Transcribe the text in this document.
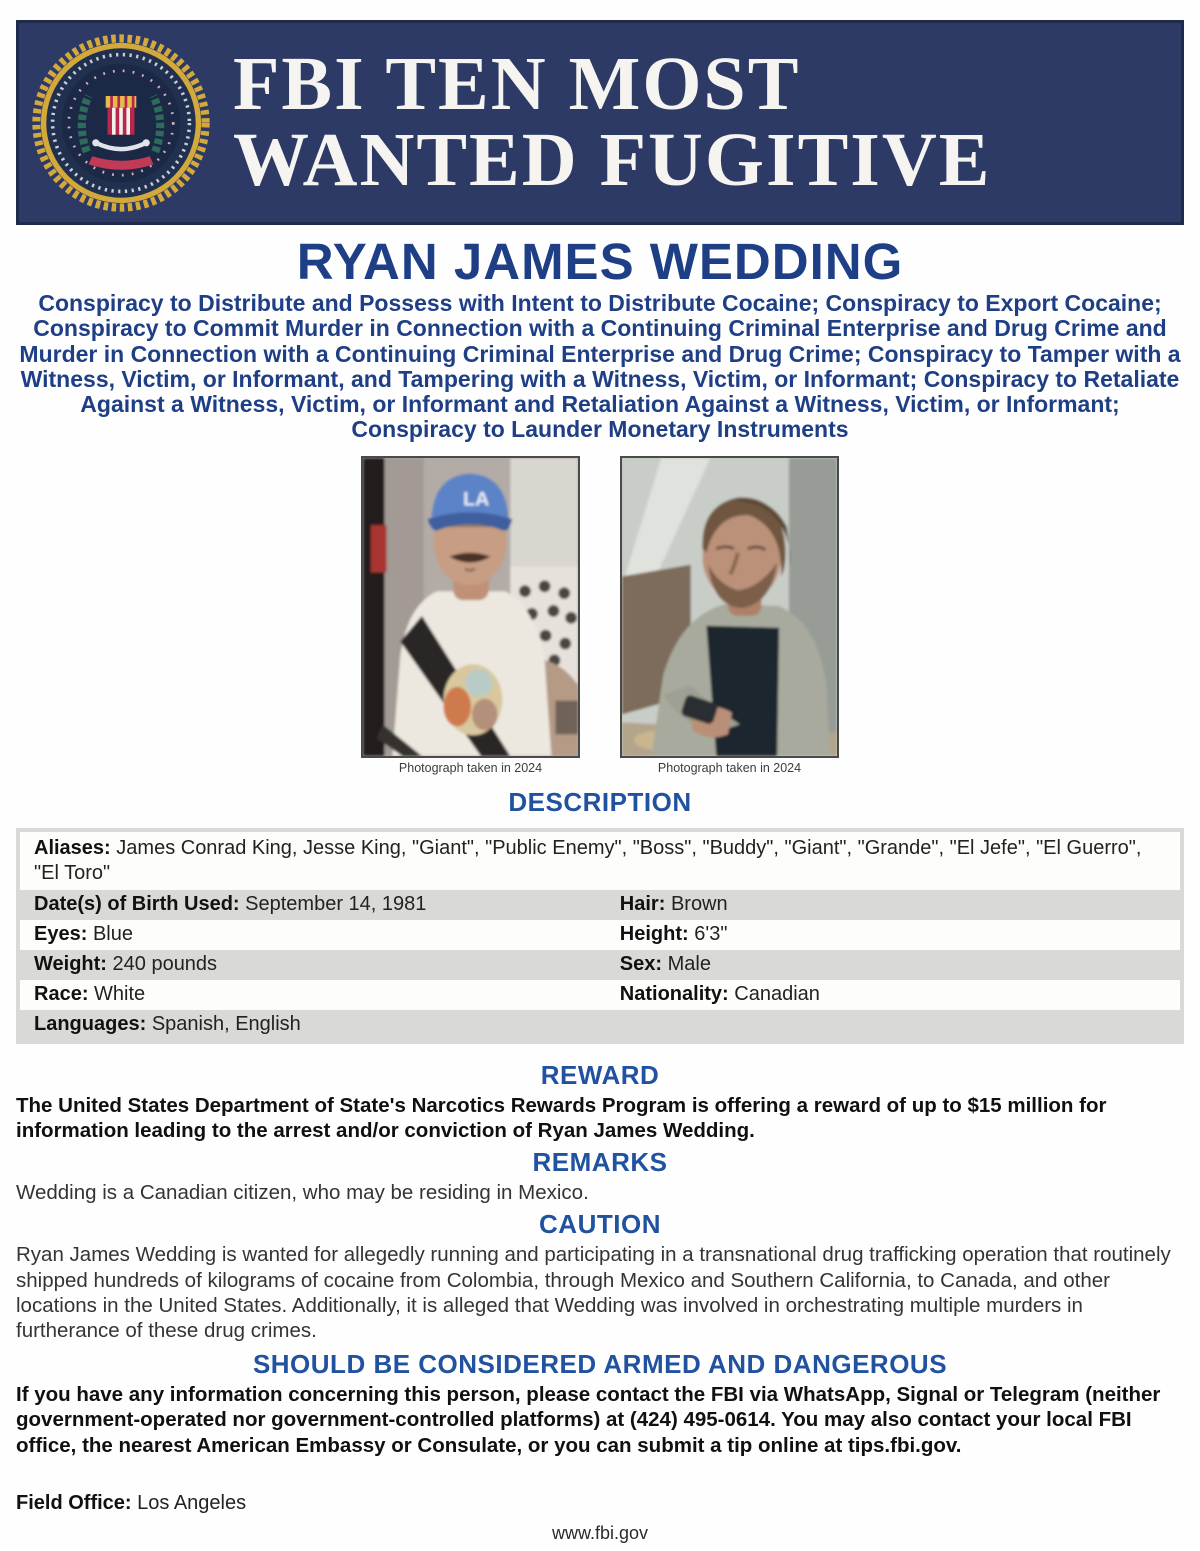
FBI TEN MOST
WANTED FUGITIVE
RYAN JAMES WEDDING

Conspiracy to Distribute and Possess with Intent to Distribute Cocaine; Conspiracy to Export Cocaine; Conspiracy to Commit Murder in Connection with a Continuing Criminal Enterprise and Drug Crime and Murder in Connection with a Continuing Criminal Enterprise and Drug Crime; Conspiracy to Tamper with a Witness, Victim, or Informant, and Tampering with a Witness, Victim, or Informant; Conspiracy to Retaliate Against a Witness, Victim, or Informant and Retaliation Against a Witness, Victim, or Informant; Conspiracy to Launder Monetary Instruments

LA
Photograph taken in 2024	Photograph taken in 2024
DESCRIPTION
Aliases: James Conrad King, Jesse King, "Giant", "Public Enemy", "Boss", "Buddy", "Giant", "Grande", "El Jefe", "El Guerro", "El Toro"
Date(s) of Birth Used: September 14, 1981	Hair: Brown
Eyes: Blue	Height: 6'3"
Weight: 240 pounds	Sex: Male
Race: White	Nationality: Canadian
Languages: Spanish, English
REWARD

The United States Department of State's Narcotics Rewards Program is offering a reward of up to $15 million for information leading to the arrest and/or conviction of Ryan James Wedding.

REMARKS

Wedding is a Canadian citizen, who may be residing in Mexico.

CAUTION

Ryan James Wedding is wanted for allegedly running and participating in a transnational drug trafficking operation that routinely shipped hundreds of kilograms of cocaine from Colombia, through Mexico and Southern California, to Canada, and other locations in the United States. Additionally, it is alleged that Wedding was involved in orchestrating multiple murders in furtherance of these drug crimes.

SHOULD BE CONSIDERED ARMED AND DANGEROUS

If you have any information concerning this person, please contact the FBI via WhatsApp, Signal or Telegram (neither government-operated nor government-controlled platforms) at (424) 495-0614. You may also contact your local FBI office, the nearest American Embassy or Consulate, or you can submit a tip online at tips.fbi.gov.

Field Office: Los Angeles

www.fbi.gov
